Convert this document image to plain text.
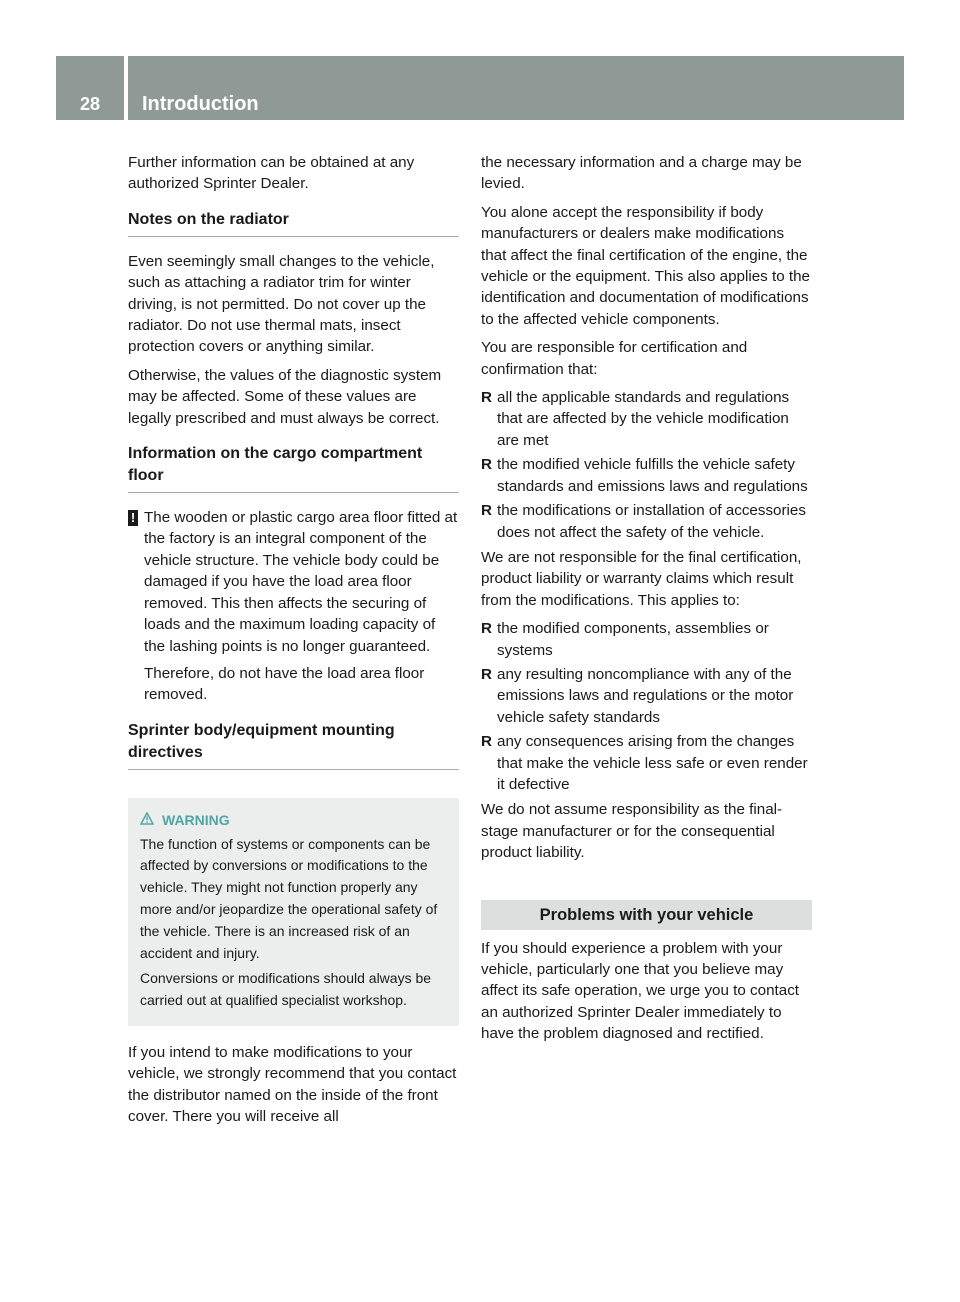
28	Introduction

Further information can be obtained at any authorized Sprinter Dealer.

Notes on the radiator

Even seemingly small changes to the vehicle, such as attaching a radiator trim for winter driving, is not permitted. Do not cover up the radiator. Do not use thermal mats, insect protection covers or anything similar.

Otherwise, the values of the diagnostic system may be affected. Some of these values are legally prescribed and must always be correct.

Information on the cargo compartment floor
! The wooden or plastic cargo area floor fitted at the factory is an integral component of the vehicle structure. The vehicle body could be damaged if you have the load area floor removed. This then affects the securing of loads and the maximum loading capacity of the lashing points is no longer guaranteed.

Therefore, do not have the load area floor removed.

Sprinter body/equipment mounting directives
WARNING

The function of systems or components can be affected by conversions or modifications to the vehicle. They might not function properly any more and/or jeopardize the operational safety of the vehicle. There is an increased risk of an accident and injury.

Conversions or modifications should always be carried out at qualified specialist workshop.

If you intend to make modifications to your vehicle, we strongly recommend that you contact the distributor named on the inside of the front cover. There you will receive all

the necessary information and a charge may be levied.

You alone accept the responsibility if body manufacturers or dealers make modifications that affect the final certification of the engine, the vehicle or the equipment. This also applies to the identification and documentation of modifications to the affected vehicle components.

You are responsible for certification and confirmation that:

R all the applicable standards and regulations that are affected by the vehicle modification are met
R the modified vehicle fulfills the vehicle safety standards and emissions laws and regulations
R the modifications or installation of accessories does not affect the safety of the vehicle.

We are not responsible for the final certification, product liability or warranty claims which result from the modifications. This applies to:

R the modified components, assemblies or systems
R any resulting noncompliance with any of the emissions laws and regulations or the motor vehicle safety standards
R any consequences arising from the changes that make the vehicle less safe or even render it defective

We do not assume responsibility as the final-stage manufacturer or for the consequential product liability.

Problems with your vehicle

If you should experience a problem with your vehicle, particularly one that you believe may affect its safe operation, we urge you to contact an authorized Sprinter Dealer immediately to have the problem diagnosed and rectified.
